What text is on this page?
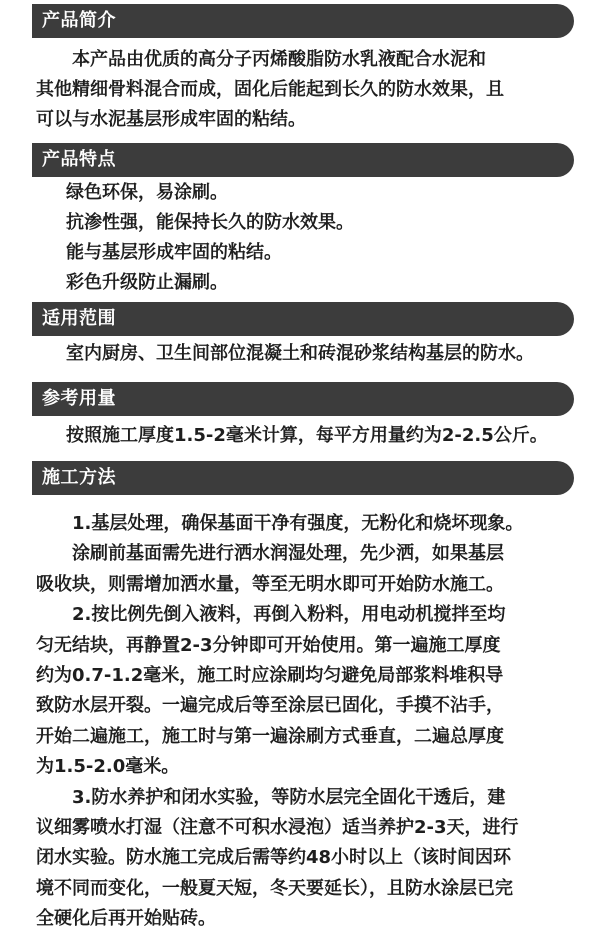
产品简介
本产品由优质的高分子丙烯酸脂防水乳液配合水泥和
其他精细骨料混合而成，固化后能起到长久的防水效果，且
可以与水泥基层形成牢固的粘结。
产品特点
绿色环保，易涂刷。
抗渗性强，能保持长久的防水效果。
能与基层形成牢固的粘结。
彩色升级防止漏刷。
适用范围
室内厨房、卫生间部位混凝土和砖混砂浆结构基层的防水。
参考用量
按照施工厚度1.5-2毫米计算，每平方用量约为2-2.5公斤。
施工方法
1.基层处理，确保基面干净有强度，无粉化和烧坏现象。
涂刷前基面需先进行洒水润湿处理，先少洒，如果基层
吸收块，则需增加洒水量，等至无明水即可开始防水施工。
2.按比例先倒入液料，再倒入粉料，用电动机搅拌至均
匀无结块，再静置2-3分钟即可开始使用。第一遍施工厚度
约为0.7-1.2毫米，施工时应涂刷均匀避免局部浆料堆积导
致防水层开裂。一遍完成后等至涂层已固化，手摸不沾手，
开始二遍施工，施工时与第一遍涂刷方式垂直，二遍总厚度
为1.5-2.0毫米。
3.防水养护和闭水实验，等防水层完全固化干透后，建
议细雾喷水打湿（注意不可积水浸泡）适当养护2-3天，进行
闭水实验。防水施工完成后需等约48小时以上（该时间因环
境不同而变化，一般夏天短，冬天要延长），且防水涂层已完
全硬化后再开始贴砖。
